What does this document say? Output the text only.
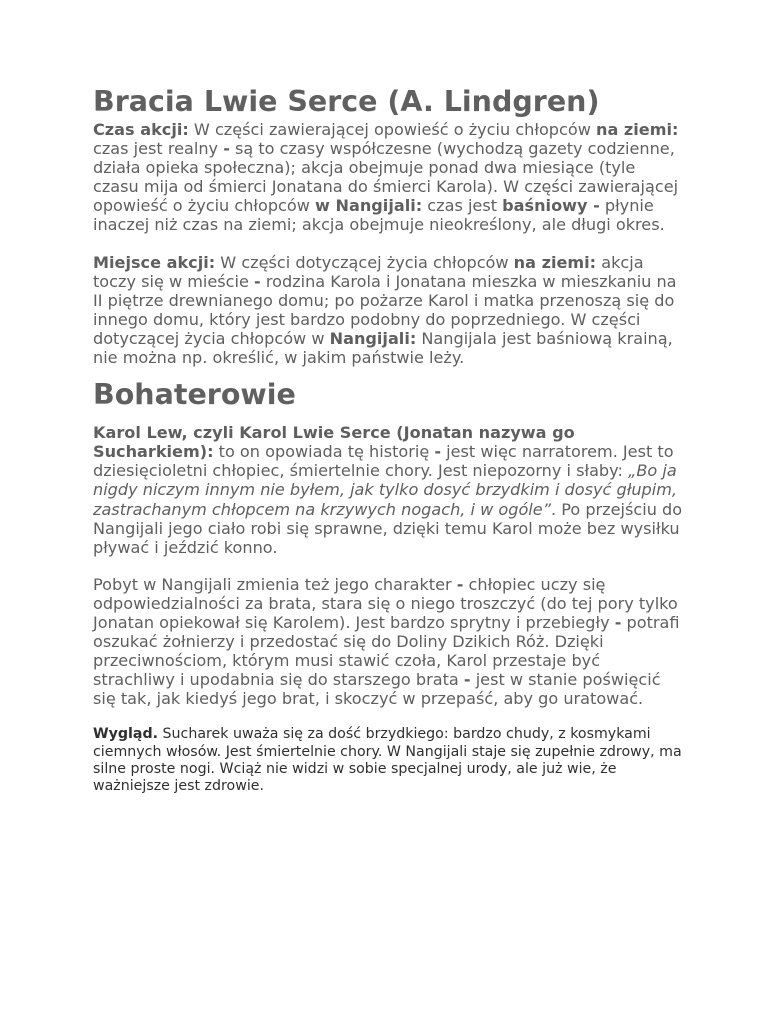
Bracia Lwie Serce (A. Lindgren)

Czas akcji: W części zawierającej opowieść o życiu chłopców na ziemi: czas jest realny - są to czasy współczesne (wychodzą gazety codzienne, działa opieka społeczna); akcja obejmuje ponad dwa miesiące (tyle czasu mija od śmierci Jonatana do śmierci Karola). W części zawierającej opowieść o życiu chłopców w Nangijali: czas jest baśniowy - płynie inaczej niż czas na ziemi; akcja obejmuje nieokreślony, ale długi okres.

Miejsce akcji: W części dotyczącej życia chłopców na ziemi: akcja toczy się w mieście - rodzina Karola i Jonatana mieszka w mieszkaniu na II piętrze drewnianego domu; po pożarze Karol i matka przenoszą się do innego domu, który jest bardzo podobny do poprzedniego. W części dotyczącej życia chłopców w Nangijali: Nangijala jest baśniową krainą, nie można np. określić, w jakim państwie leży.

Bohaterowie

Karol Lew, czyli Karol Lwie Serce (Jonatan nazywa go Sucharkiem): to on opowiada tę historię - jest więc narratorem. Jest to dziesięcioletni chłopiec, śmiertelnie chory. Jest niepozorny i słaby: „Bo ja nigdy niczym innym nie byłem, jak tylko dosyć brzydkim i dosyć głupim, zastrachanym chłopcem na krzywych nogach, i w ogóle”. Po przejściu do Nangijali jego ciało robi się sprawne, dzięki temu Karol może bez wysiłku pływać i jeździć konno.

Pobyt w Nangijali zmienia też jego charakter - chłopiec uczy się odpowiedzialności za brata, stara się o niego troszczyć (do tej pory tylko Jonatan opiekował się Karolem). Jest bardzo sprytny i przebiegły - potrafi oszukać żołnierzy i przedostać się do Doliny Dzikich Róż. Dzięki przeciwnościom, którym musi stawić czoła, Karol przestaje być strachliwy i upodabnia się do starszego brata - jest w stanie poświęcić się tak, jak kiedyś jego brat, i skoczyć w przepaść, aby go uratować.

Wygląd. Sucharek uważa się za dość brzydkiego: bardzo chudy, z kosmykami ciemnych włosów. Jest śmiertelnie chory. W Nangijali staje się zupełnie zdrowy, ma silne proste nogi. Wciąż nie widzi w sobie specjalnej urody, ale już wie, że ważniejsze jest zdrowie.
